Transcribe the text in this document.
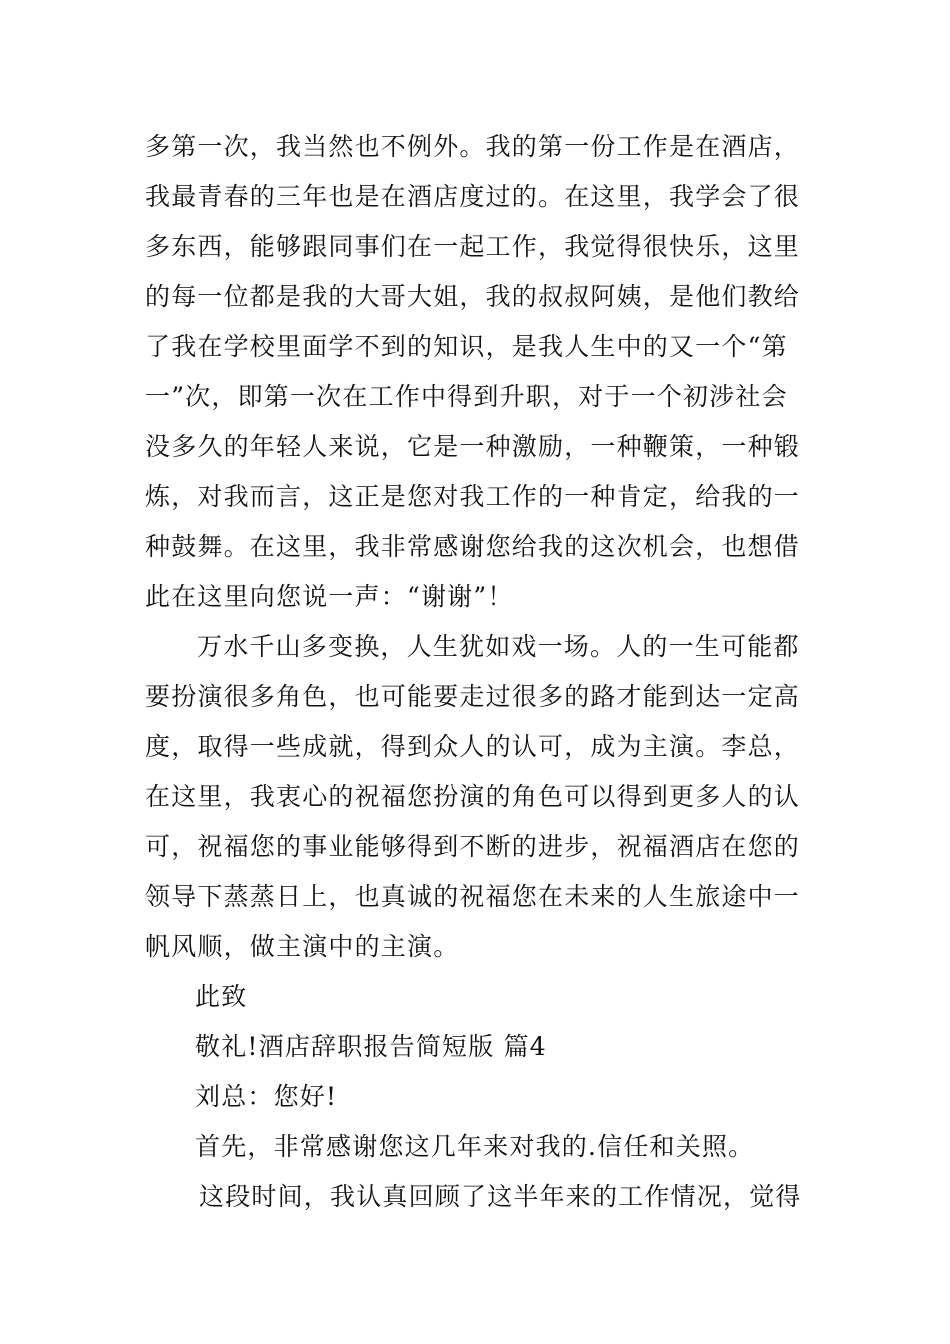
多第一次，我当然也不例外。我的第一份工作是在酒店，
我最青春的三年也是在酒店度过的。在这里，我学会了很
多东西，能够跟同事们在一起工作，我觉得很快乐，这里
的每一位都是我的大哥大姐，我的叔叔阿姨，是他们教给
了我在学校里面学不到的知识，是我人生中的又一个“第
一”次，即第一次在工作中得到升职，对于一个初涉社会
没多久的年轻人来说，它是一种激励，一种鞭策，一种锻
炼，对我而言，这正是您对我工作的一种肯定，给我的一
种鼓舞。在这里，我非常感谢您给我的这次机会，也想借
此在这里向您说一声：“谢谢”！
万水千山多变换，人生犹如戏一场。人的一生可能都
要扮演很多角色，也可能要走过很多的路才能到达一定高
度，取得一些成就，得到众人的认可，成为主演。李总，
在这里，我衷心的祝福您扮演的角色可以得到更多人的认
可，祝福您的事业能够得到不断的进步，祝福酒店在您的
领导下蒸蒸日上，也真诚的祝福您在未来的人生旅途中一
帆风顺，做主演中的主演。
此致
敬礼!酒店辞职报告简短版 篇4
刘总：您好!
首先，非常感谢您这几年来对我的.信任和关照。
这段时间，我认真回顾了这半年来的工作情况，觉得
